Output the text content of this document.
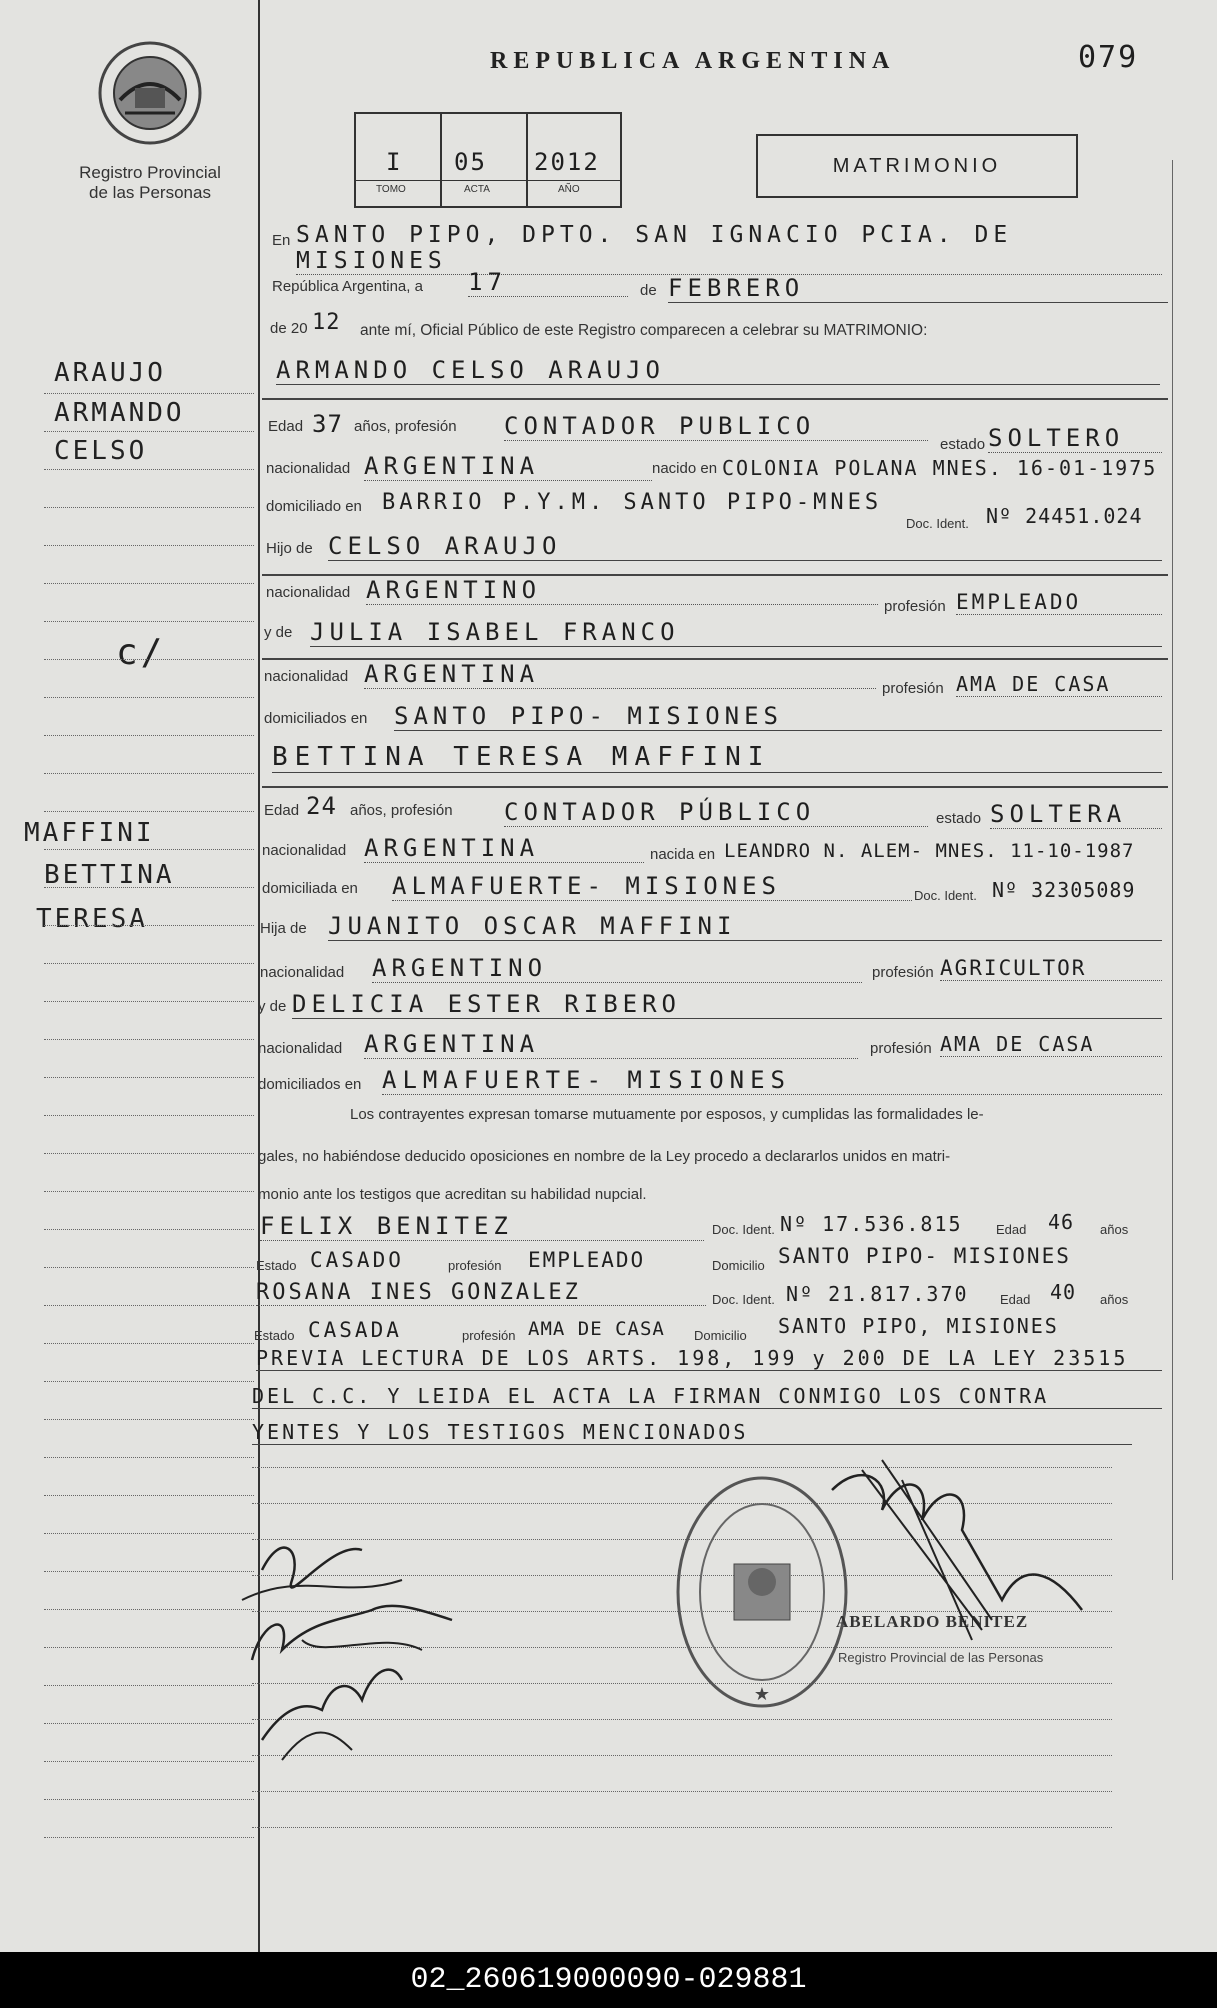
Registro Provincial
de las Personas
REPUBLICA ARGENTINA	079
I 05 2012
TOMO	ACTA	AÑO
MATRIMONIO
ARAUJO
ARMANDO
CELSO
c/
MAFFINI
BETTINA
TERESA
En SANTO PIPO, DPTO. SAN IGNACIO PCIA. DE MISIONES
República Argentina, a 17	de FEBRERO
de 20 12 ante mí, Oficial Público de este Registro comparecen a celebrar su MATRIMONIO:
ARMANDO CELSO ARAUJO
Edad 37 años, profesión CONTADOR PUBLICO
estado SOLTERO
nacionalidad ARGENTINA	nacido en COLONIA POLANA MNES. 16-01-1975
domiciliado en BARRIO P.Y.M. SANTO PIPO-MNES
Doc. Ident. Nº 24451.024
Hijo de CELSO ARAUJO
nacionalidad ARGENTINO
profesión EMPLEADO
y de JULIA ISABEL FRANCO
nacionalidad ARGENTINA
profesión AMA DE CASA
domiciliados en SANTO PIPO- MISIONES
BETTINA TERESA MAFFINI
Edad 24 años, profesión CONTADOR PÚBLICO	estado SOLTERA
nacionalidad ARGENTINA	nacida en LEANDRO N. ALEM- MNES. 11-10-1987
domiciliada en ALMAFUERTE- MISIONES	Doc. Ident. Nº 32305089
Hija de JUANITO OSCAR MAFFINI
nacionalidad ARGENTINO	profesión AGRICULTOR
y de DELICIA ESTER RIBERO
nacionalidad ARGENTINA	profesión AMA DE CASA
domiciliados en ALMAFUERTE- MISIONES
Los contrayentes expresan tomarse mutuamente por esposos, y cumplidas las formalidades le-
gales, no habiéndose deducido oposiciones en nombre de la Ley procedo a declararlos unidos en matri-
monio ante los testigos que acreditan su habilidad nupcial.
FELIX BENITEZ	Doc. Ident. Nº 17.536.815	Edad 46 años
Estado CASADO	profesión EMPLEADO	Domicilio SANTO PIPO- MISIONES
ROSANA INES GONZALEZ	Doc. Ident. Nº 21.817.370 Edad 40 años
Estado CASADA	profesión AMA DE CASA Domicilio SANTO PIPO, MISIONES
PREVIA LECTURA DE LOS ARTS. 198, 199 y 200 DE LA LEY 23515
DEL C.C. Y LEIDA EL ACTA LA FIRMAN CONMIGO LOS CONTRA
YENTES Y LOS TESTIGOS MENCIONADOS
★
ABELARDO BENITEZ
Registro Provincial de las Personas
02_260619000090-029881
